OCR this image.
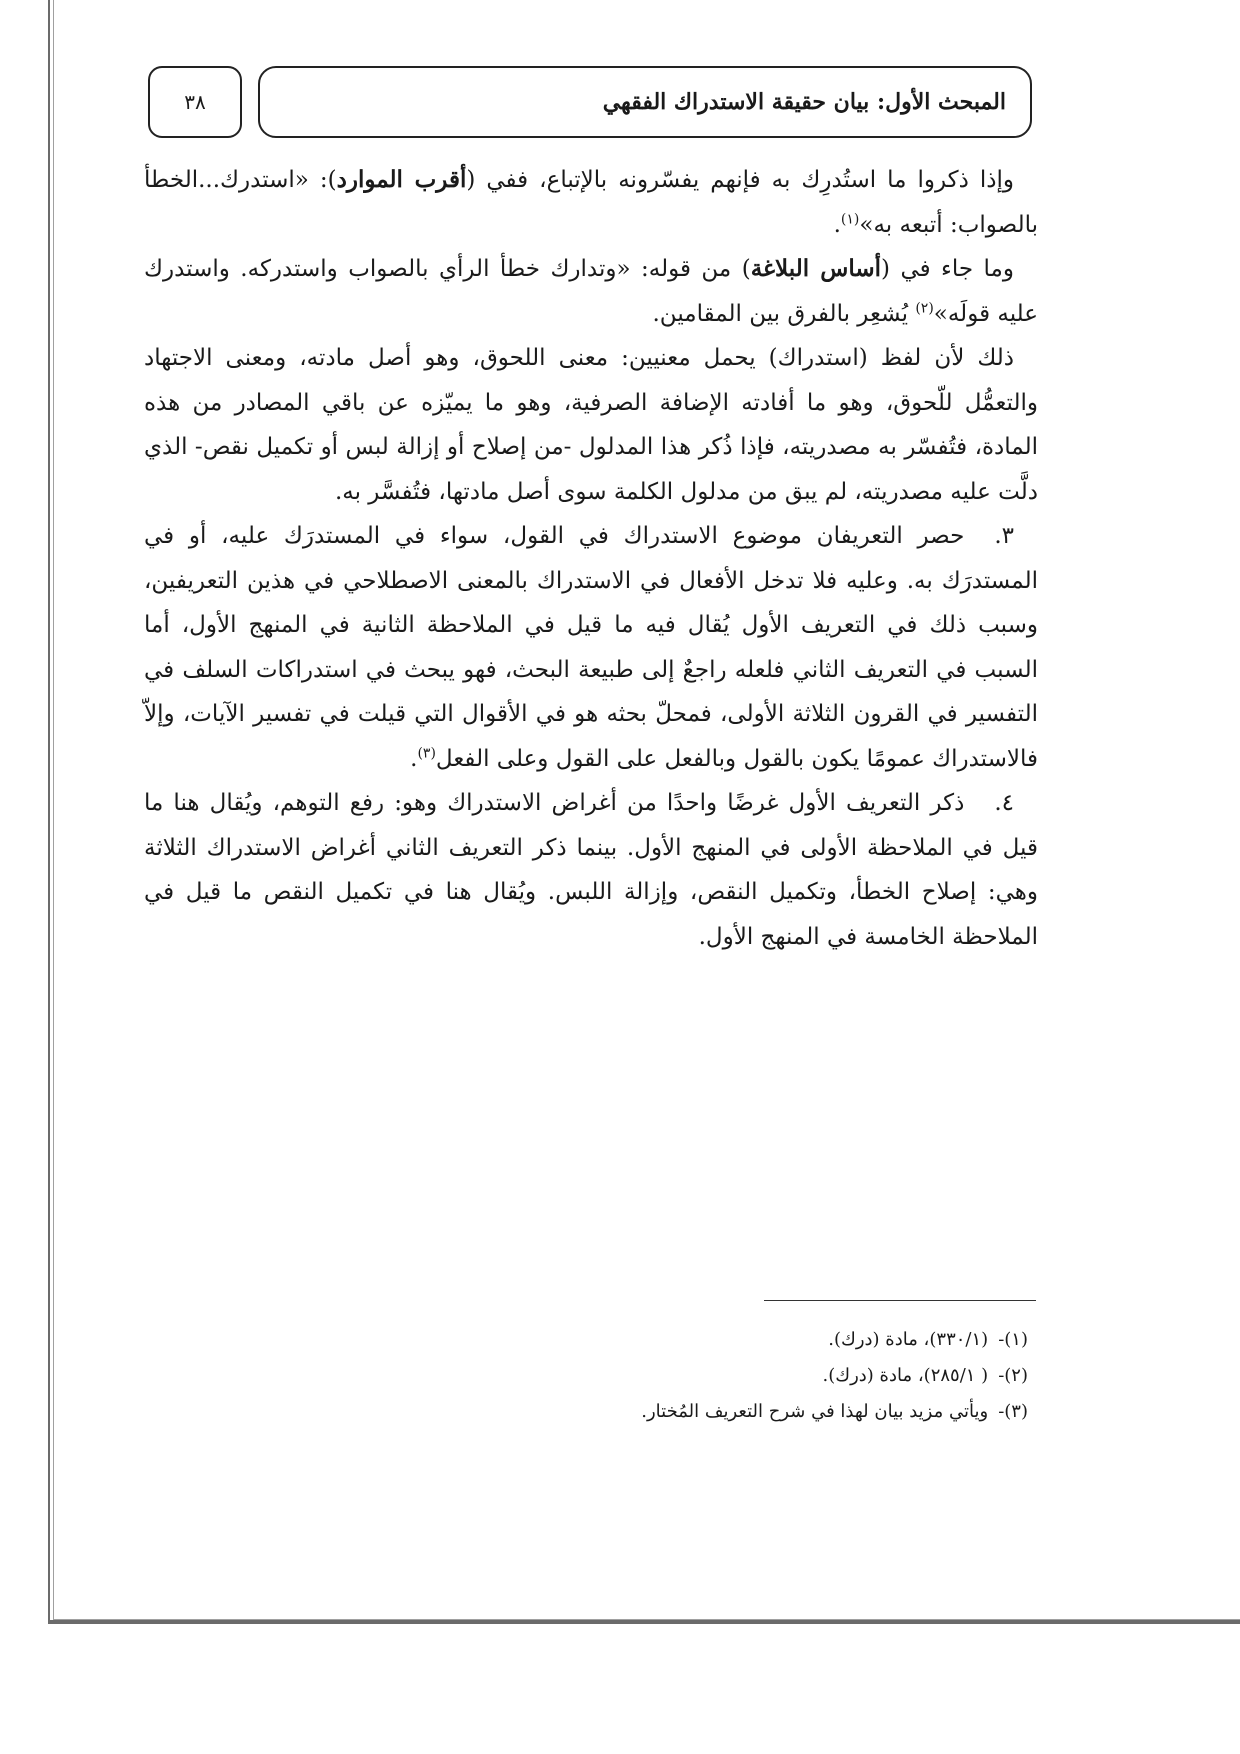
المبحث الأول: بيان حقيقة الاستدراك الفقهي
٣٨

وإذا ذكروا ما استُدرِك به فإنهم يفسّرونه بالإتباع، ففي (أقرب الموارد): «استدرك...الخطأ بالصواب: أتبعه به»$^{(١)}$.

وما جاء في (أساس البلاغة) من قوله: «وتدارك خطأ الرأي بالصواب واستدركه. واستدرك عليه قولَه»$^{(٢)}$ يُشعِر بالفرق بين المقامين.

ذلك لأن لفظ (استدراك) يحمل معنيين: معنى اللحوق، وهو أصل مادته، ومعنى الاجتهاد والتعمُّل للّحوق، وهو ما أفادته الإضافة الصرفية، وهو ما يميّزه عن باقي المصادر من هذه المادة، فتُفسّر به مصدريته، فإذا ذُكر هذا المدلول -من إصلاح أو إزالة لبس أو تكميل نقص- الذي دلَّت عليه مصدريته، لم يبق من مدلول الكلمة سوى أصل مادتها، فتُفسَّر به.

٣.حصر التعريفان موضوع الاستدراك في القول، سواء في المستدرَك عليه، أو في المستدرَك به. وعليه فلا تدخل الأفعال في الاستدراك بالمعنى الاصطلاحي في هذين التعريفين، وسبب ذلك في التعريف الأول يُقال فيه ما قيل في الملاحظة الثانية في المنهج الأول، أما السبب في التعريف الثاني فلعله راجعٌ إلى طبيعة البحث، فهو يبحث في استدراكات السلف في التفسير في القرون الثلاثة الأولى، فمحلّ بحثه هو في الأقوال التي قيلت في تفسير الآيات، وإلاّ فالاستدراك عمومًا يكون بالقول وبالفعل على القول وعلى الفعل$^{(٣)}$.

٤.ذكر التعريف الأول غرضًا واحدًا من أغراض الاستدراك وهو: رفع التوهم، ويُقال هنا ما قيل في الملاحظة الأولى في المنهج الأول. بينما ذكر التعريف الثاني أغراض الاستدراك الثلاثة وهي: إصلاح الخطأ، وتكميل النقص، وإزالة اللبس. ويُقال هنا في تكميل النقص ما قيل في الملاحظة الخامسة في المنهج الأول.

(١)-(٣٣٠/١)، مادة (درك).
(٢)-( ٢٨٥/١)، مادة (درك).
(٣)-ويأتي مزيد بيان لهذا في شرح التعريف المُختار.
